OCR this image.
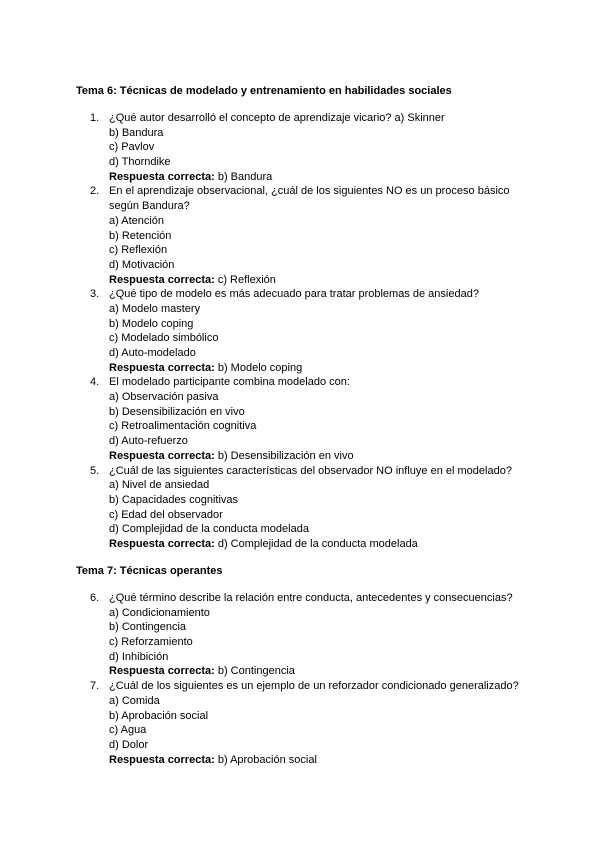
Tema 6: Técnicas de modelado y entrenamiento en habilidades sociales
1. ¿Qué autor desarrolló el concepto de aprendizaje vicario? a) Skinner
b) Bandura
c) Pavlov
d) Thorndike
Respuesta correcta: b) Bandura
2. En el aprendizaje observacional, ¿cuál de los siguientes NO es un proceso básico
según Bandura?
a) Atención
b) Retención
c) Reflexión
d) Motivación
Respuesta correcta: c) Reflexión
3. ¿Qué tipo de modelo es más adecuado para tratar problemas de ansiedad?
a) Modelo mastery
b) Modelo coping
c) Modelado simbólico
d) Auto-modelado
Respuesta correcta: b) Modelo coping
4. El modelado participante combina modelado con:
a) Observación pasiva
b) Desensibilización en vivo
c) Retroalimentación cognitiva
d) Auto-refuerzo
Respuesta correcta: b) Desensibilización en vivo
5. ¿Cuál de las siguientes características del observador NO influye en el modelado?
a) Nivel de ansiedad
b) Capacidades cognitivas
c) Edad del observador
d) Complejidad de la conducta modelada
Respuesta correcta: d) Complejidad de la conducta modelada
Tema 7: Técnicas operantes
6. ¿Qué término describe la relación entre conducta, antecedentes y consecuencias?
a) Condicionamiento
b) Contingencia
c) Reforzamiento
d) Inhibición
Respuesta correcta: b) Contingencia
7. ¿Cuál de los siguientes es un ejemplo de un reforzador condicionado generalizado?
a) Comida
b) Aprobación social
c) Agua
d) Dolor
Respuesta correcta: b) Aprobación social
